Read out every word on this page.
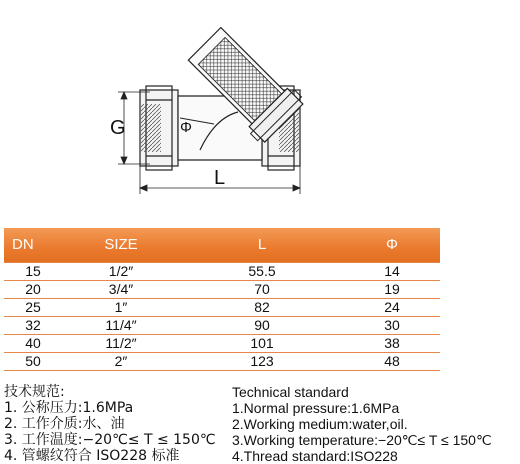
G	Φ
L
DN	SIZE	L	Φ
15	1/2″	55.5	14
20	3/4″	70	19
25	1″	82	24
32	11/4″	90	30
40	11/2″	101	38
50	2″	123	48
技术规范:
1. 公称压力:1.6MPa
2. 工作介质:水、油
3. 工作温度:−20℃≤ T ≤ 150℃
4. 管螺纹符合 ISO228 标准
Technical standard
1.Normal pressure:1.6MPa
2.Working medium:water,oil.
3.Working temperature:−20℃≤ T ≤ 150℃
4.Thread standard:ISO228
